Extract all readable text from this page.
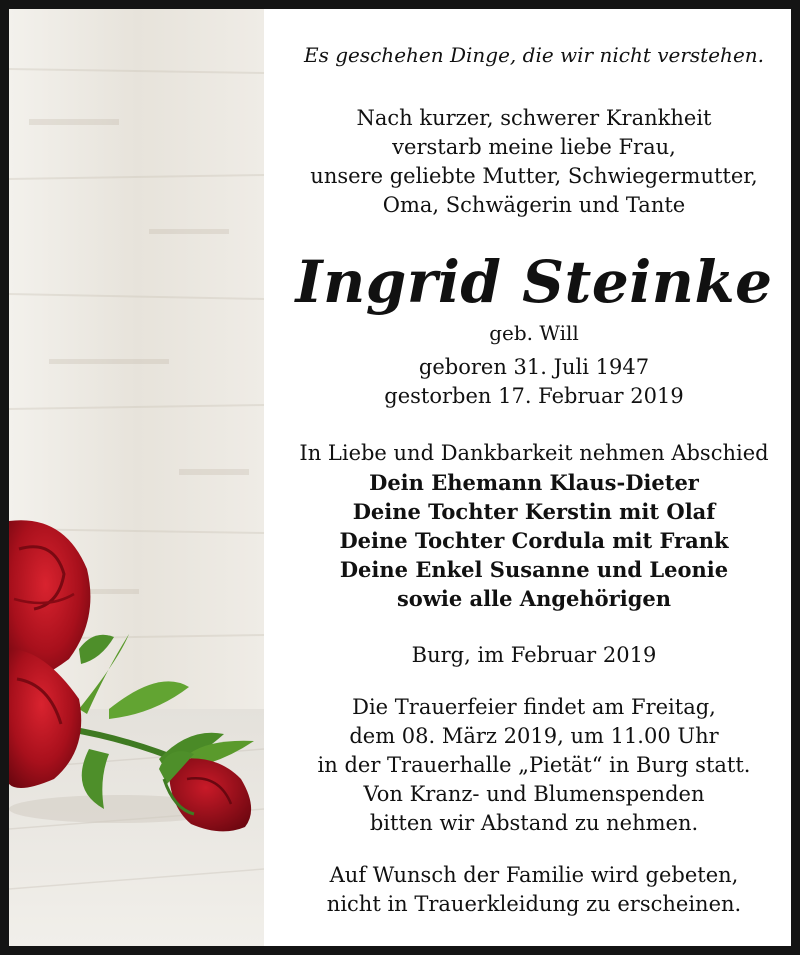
Es geschehen Dinge, die wir nicht verstehen.
Nach kurzer, schwerer Krankheit
verstarb meine liebe Frau,
unsere geliebte Mutter, Schwiegermutter,
Oma, Schwägerin und Tante
Ingrid Steinke
geb. Will
geboren 31. Juli 1947
gestorben 17. Februar 2019
In Liebe und Dankbarkeit nehmen Abschied
Dein Ehemann Klaus-Dieter
Deine Tochter Kerstin mit Olaf
Deine Tochter Cordula mit Frank
Deine Enkel Susanne und Leonie
sowie alle Angehörigen
Burg, im Februar 2019
Die Trauerfeier findet am Freitag,
dem 08. März 2019, um 11.00 Uhr
in der Trauerhalle „Pietät“ in Burg statt.
Von Kranz- und Blumenspenden
bitten wir Abstand zu nehmen.
Auf Wunsch der Familie wird gebeten,
nicht in Trauerkleidung zu erscheinen.
